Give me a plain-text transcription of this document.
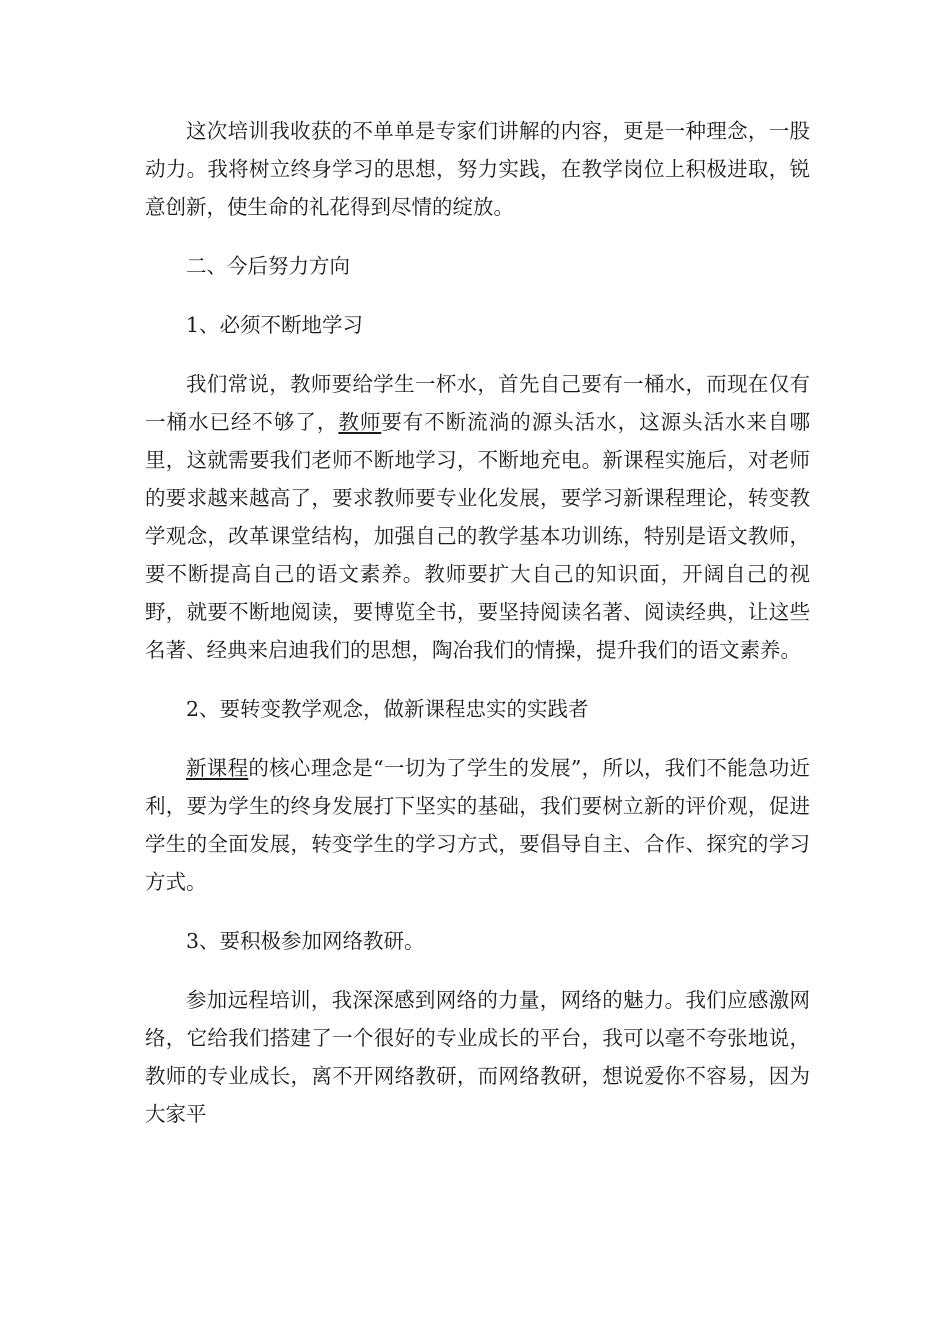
这次培训我收获的不单单是专家们讲解的内容，更是一种理念，一股动力。我将树立终身学习的思想，努力实践，在教学岗位上积极进取，锐意创新，使生命的礼花得到尽情的绽放。

二、今后努力方向

1、必须不断地学习

我们常说，教师要给学生一杯水，首先自己要有一桶水，而现在仅有一桶水已经不够了，教师要有不断流淌的源头活水，这源头活水来自哪里，这就需要我们老师不断地学习，不断地充电。新课程实施后，对老师的要求越来越高了，要求教师要专业化发展，要学习新课程理论，转变教学观念，改革课堂结构，加强自己的教学基本功训练，特别是语文教师，要不断提高自己的语文素养。教师要扩大自己的知识面，开阔自己的视野，就要不断地阅读，要博览全书，要坚持阅读名著、阅读经典，让这些名著、经典来启迪我们的思想，陶冶我们的情操，提升我们的语文素养。

2、要转变教学观念，做新课程忠实的实践者

新课程的核心理念是“一切为了学生的发展”，所以，我们不能急功近利，要为学生的终身发展打下坚实的基础，我们要树立新的评价观，促进学生的全面发展，转变学生的学习方式，要倡导自主、合作、探究的学习方式。

3、要积极参加网络教研。

参加远程培训，我深深感到网络的力量，网络的魅力。我们应感激网络，它给我们搭建了一个很好的专业成长的平台，我可以毫不夸张地说，教师的专业成长，离不开网络教研，而网络教研，想说爱你不容易，因为大家平
